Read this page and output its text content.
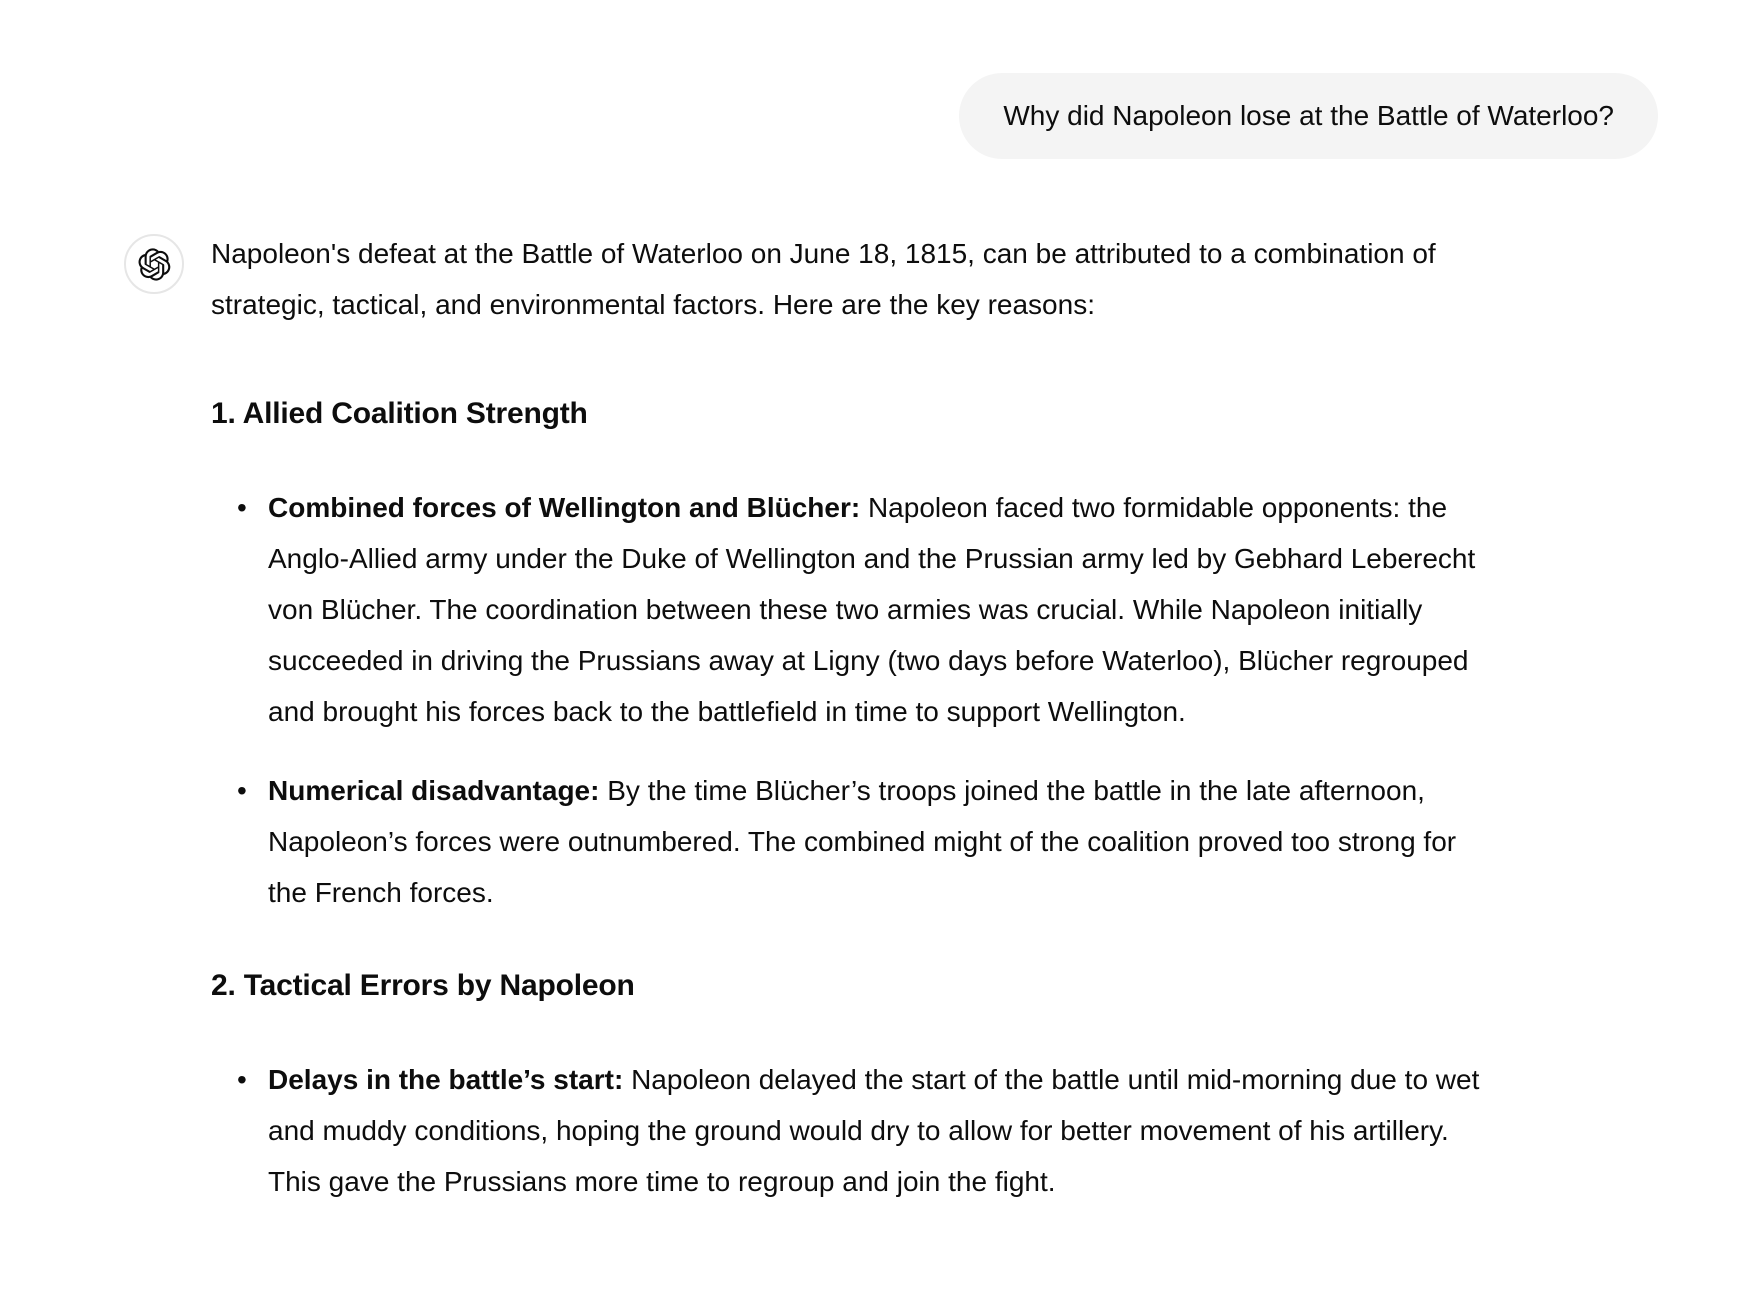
Why did Napoleon lose at the Battle of Waterloo?

Napoleon's defeat at the Battle of Waterloo on June 18, 1815, can be attributed to a combination of strategic, tactical, and environmental factors. Here are the key reasons:

1. Allied Coalition Strength
• Combined forces of Wellington and Blücher: Napoleon faced two formidable opponents: the Anglo-Allied army under the Duke of Wellington and the Prussian army led by Gebhard Leberecht von Blücher. The coordination between these two armies was crucial. While Napoleon initially succeeded in driving the Prussians away at Ligny (two days before Waterloo), Blücher regrouped and brought his forces back to the battlefield in time to support Wellington.
• Numerical disadvantage: By the time Blücher’s troops joined the battle in the late afternoon, Napoleon’s forces were outnumbered. The combined might of the coalition proved too strong for the French forces.
2. Tactical Errors by Napoleon
• Delays in the battle’s start: Napoleon delayed the start of the battle until mid-morning due to wet and muddy conditions, hoping the ground would dry to allow for better movement of his artillery. This gave the Prussians more time to regroup and join the fight.
